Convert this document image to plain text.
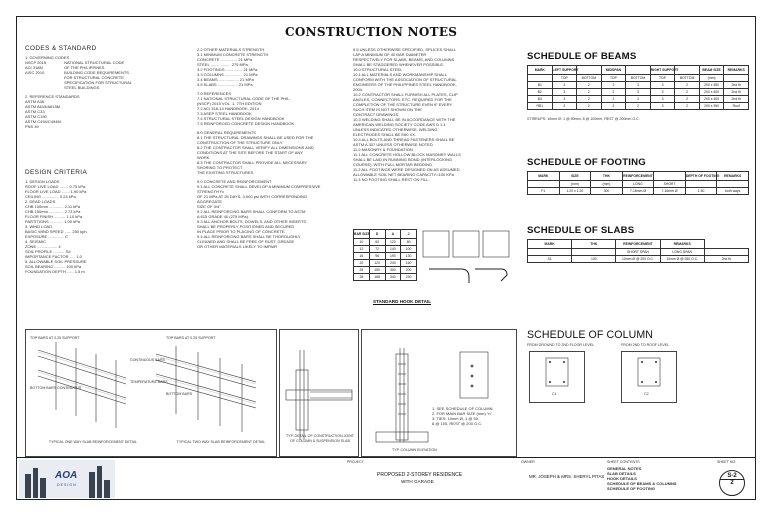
CONSTRUCTION NOTES
CODES & STANDARD

1. GOVERNING CODES

NSCP 2015

ACI 318M

AISC 2010

NATIONAL STRUCTURAL CODE

OF THE PHILIPPINES

BUILDING CODE REQUIREMENTS

FOR STRUCTURAL CONCRETE

SPECIFICATION FOR STRUCTURAL

STEEL BUILDINGS

2. REFERENCE STANDARDS

ASTM A36

ASTM A615/A615M

ASTM C33

ASTM C150

ASTM C494/C494M

PNS 49

DESIGN CRITERIA

1. DESIGN LOADS

ROOF LIVE LOAD ........ 0.75 kPa

FLOOR LIVE LOAD ....... 1.90 kPa

CEILING ............... 0.24 kPa

2. DEAD LOADS

CHB 100mm ............. 2.11 kPa

CHB 150mm ............. 2.73 kPa

FLOOR FINISH .......... 1.10 kPa

PARTITIONS ............ 1.00 kPa

3. WIND LOAD

BASIC WIND SPEED ...... 250 kph

EXPOSURE .............. C

4. SEISMIC

ZONE .................. 4

SOIL PROFILE .......... Sd

IMPORTANCE FACTOR ..... 1.0

5. ALLOWABLE SOIL PRESSURE

SOIL BEARING .......... 100 kPa

FOUNDATION DEPTH ...... 1.5 m

2.2 OTHER MATERIALS STRENGTH

3.1 MINIMUM CONCRETE STRENGTH

CONCRETE ............... 21 MPa

STEEL .................. 275 MPa

3.2 FOOTINGS ............... 21 MPa

3.3 COLUMNS ................ 21 MPa

3.4 BEAMS .................. 21 MPa

3.5 SLABS .................. 21 MPa

7.0 REFERENCES

7.1 NATIONAL STRUCTURAL CODE OF THE PHIL.

(NSCP) 2015 VOL. 1, 7TH EDITION

7.2 ACI 318-14 HANDBOOK, 2014

7.3 ASEP STEEL HANDBOOK

7.4 STRUCTURAL STEEL DESIGN HANDBOOK

7.5 REINFORCED CONCRETE DESIGN HANDBOOK

8.0 GENERAL REQUIREMENTS

8.1 THE STRUCTURAL DRAWINGS SHALL BE USED FOR THE

CONSTRUCTION OF THE STRUCTURE ONLY.

8.2 THE CONTRACTOR SHALL VERIFY ALL DIMENSIONS AND

CONDITIONS AT THE SITE BEFORE THE START OF ANY

WORK.

8.3 THE CONTRACTOR SHALL PROVIDE ALL NECESSARY

SHORING TO PROTECT

THE EXISTING STRUCTURES.

9.0 CONCRETE AND REINFORCEMENT

9.1 ALL CONCRETE SHALL DEVELOP A MINIMUM COMPRESSIVE

STRENGTH f'c

OF 21 MPa AT 28 DAYS, 3,000 psi WITH CORRESPONDING

AGGREGATE

SIZE OF 3/4".

9.2 ALL REINFORCING BARS SHALL CONFORM TO ASTM

A 615 GRADE 40 (275 MPa).

9.3 ALL ANCHOR BOLTS, DOWELS, AND OTHER INSERTS

SHALL BE PROPERLY POSITIONED AND SECURED

IN PLACE PRIOR TO PLACING OF CONCRETE.

9.4 ALL REINFORCING BARS SHALL BE THOROUGHLY

CLEANED AND SHALL BE FREE OF RUST, GREASE

OR OTHER MATERIALS LIKELY TO IMPAIR

9.5 UNLESS OTHERWISE SPECIFIED, SPLICES SHALL

LAP A MINIMUM OF 40 BAR DIAMETER

RESPECTIVELY FOR SLABS, BEAMS, AND COLUMNS.

SHALL BE STAGGERED WHENEVER POSSIBLE.

10.0 STRUCTURAL STEEL

10.1 ALL MATERIALS AND WORKMANSHIP SHALL

CONFORM WITH THE ASSOCIATION OF STRUCTURAL

ENGINEERS OF THE PHILIPPINES STEEL HANDBOOK,

2004.

10.2 CONTRACTOR SHALL FURNISH ALL PLATES, CLIP

ANGLES, CONNECTORS, ETC. REQUIRED FOR THE

COMPLETION OF THE STRUCTURE EVEN IF EVERY

SUCH ITEM IS NOT SHOWN ON THE

CONTRACT DRAWINGS.

10.3 WELDING SHALL BE IN ACCORDANCE WITH THE

AMERICAN WELDING SOCIETY CODE AWS D 1.1

UNLESS INDICATED OTHERWISE. WELDING

ELECTRODES SHALL BE E60 XX.

10.4 ALL BOLTS AND THREAD FASTENERS SHALL BE

ASTM A 307 UNLESS OTHERWISE NOTED.

11.0 MASONRY & FOUNDATION

11.1 ALL CONCRETE HOLLOW BLOCK MASONRY WALLS

SHALL BE LAID IN RUNNING BOND (INTERLOCKING

COURSE), WITH FULL MORTAR BEDDING.

11.2 ALL FOOTINGS WERE DESIGNED ON AS ASSUMED

ALLOWABLE SOIL NET BEARING CAPACITY=100 KPa

11.3 NO FOOTING SHALL REST ON FILL.

BAR SIZE	D	A	J
10	60	120	80
12	72	140	100
16	96	190	130
20	120	240	160
25	150	300	200
28	168	340	230
STANDARD HOOK DETAIL
TOP BARS AT 0.25 SUPPORT
BOTTOM BARS CONTINUOUS
TOP BARS AT 0.25 SUPPORT
BOTTOM BARS
CONTINUOUS BARS
TEMPERATURE BARS
TYPICAL ONE WAY SLAB REINFORCEMENT DETAIL	TYPICAL TWO WAY SLAB REINFORCEMENT DETAIL
TYP. DETAIL OF CONSTRUCTION JOINT OF COLUMN & SUSPENSION SLAB

1. SEE SCHEDULE OF COLUMN

2. FOR MAIN BAR SIZE (mm) "n"

3. TIES: 10mm Ø, 1 @ 50,

8 @ 100, REST @ 200 O.C.

TYP. COLUMN ELEVATION
SCHEDULE OF BEAMS
MARK	LEFT SUPPORT		MIDSPAN		RIGHT SUPPORT		BEAM SIZE	REMARKS
	TOP	BOTTOM	TOP	BOTTOM	TOP	BOTTOM	(mm)	
B1	3	2	2	3	3	2	200 x 350	2nd flr
B2	3	2	2	3	3	2	200 x 400	2nd flr
B3	3	2	2	3	3	2	200 x 400	2nd flr
RB1	3	2	2	2	3	2	200 x 350	Roof
STIRRUPS: 10mm Ø: 1 @ 50mm, 8 @ 100mm, REST @ 200mm O.C.
SCHEDULE OF FOOTING
MARK	SIZE	THK	REINFORCEMENT		DEPTH OF FOOTING	REMARKS
	(mm)	(mm)	LONG	SHORT		
F1	1.20 x 1.20	300	7-16mm Ø	7-16mm Ø	1.50	both ways
SCHEDULE OF SLABS
MARK	THK	REINFORCEMENT	REMARKS	
		SHORT SPAN	LONG SPAN	
S1	100	10mm Ø @ 200 O.C.	10mm Ø @ 250 O.C.	2nd flr
SCHEDULE OF COLUMN
FROM GROUND TO 2ND FLOOR LEVEL	FROM 2ND TO ROOF LEVEL
C1	C2
AOA
DESIGN
PROJECT
PROPOSED 2-STOREY RESIDENCE
WITH GARAGE
OWNER
MR. JOSEPH & MRS. SHERYL PITAS
SHEET CONTENTS

GENERAL NOTES

SLAB DETAILS

HOOK DETAILS

SCHEDULE OF BEAMS & COLUMNS

SCHEDULE OF FOOTING

SHEET NO.
S-2
2
